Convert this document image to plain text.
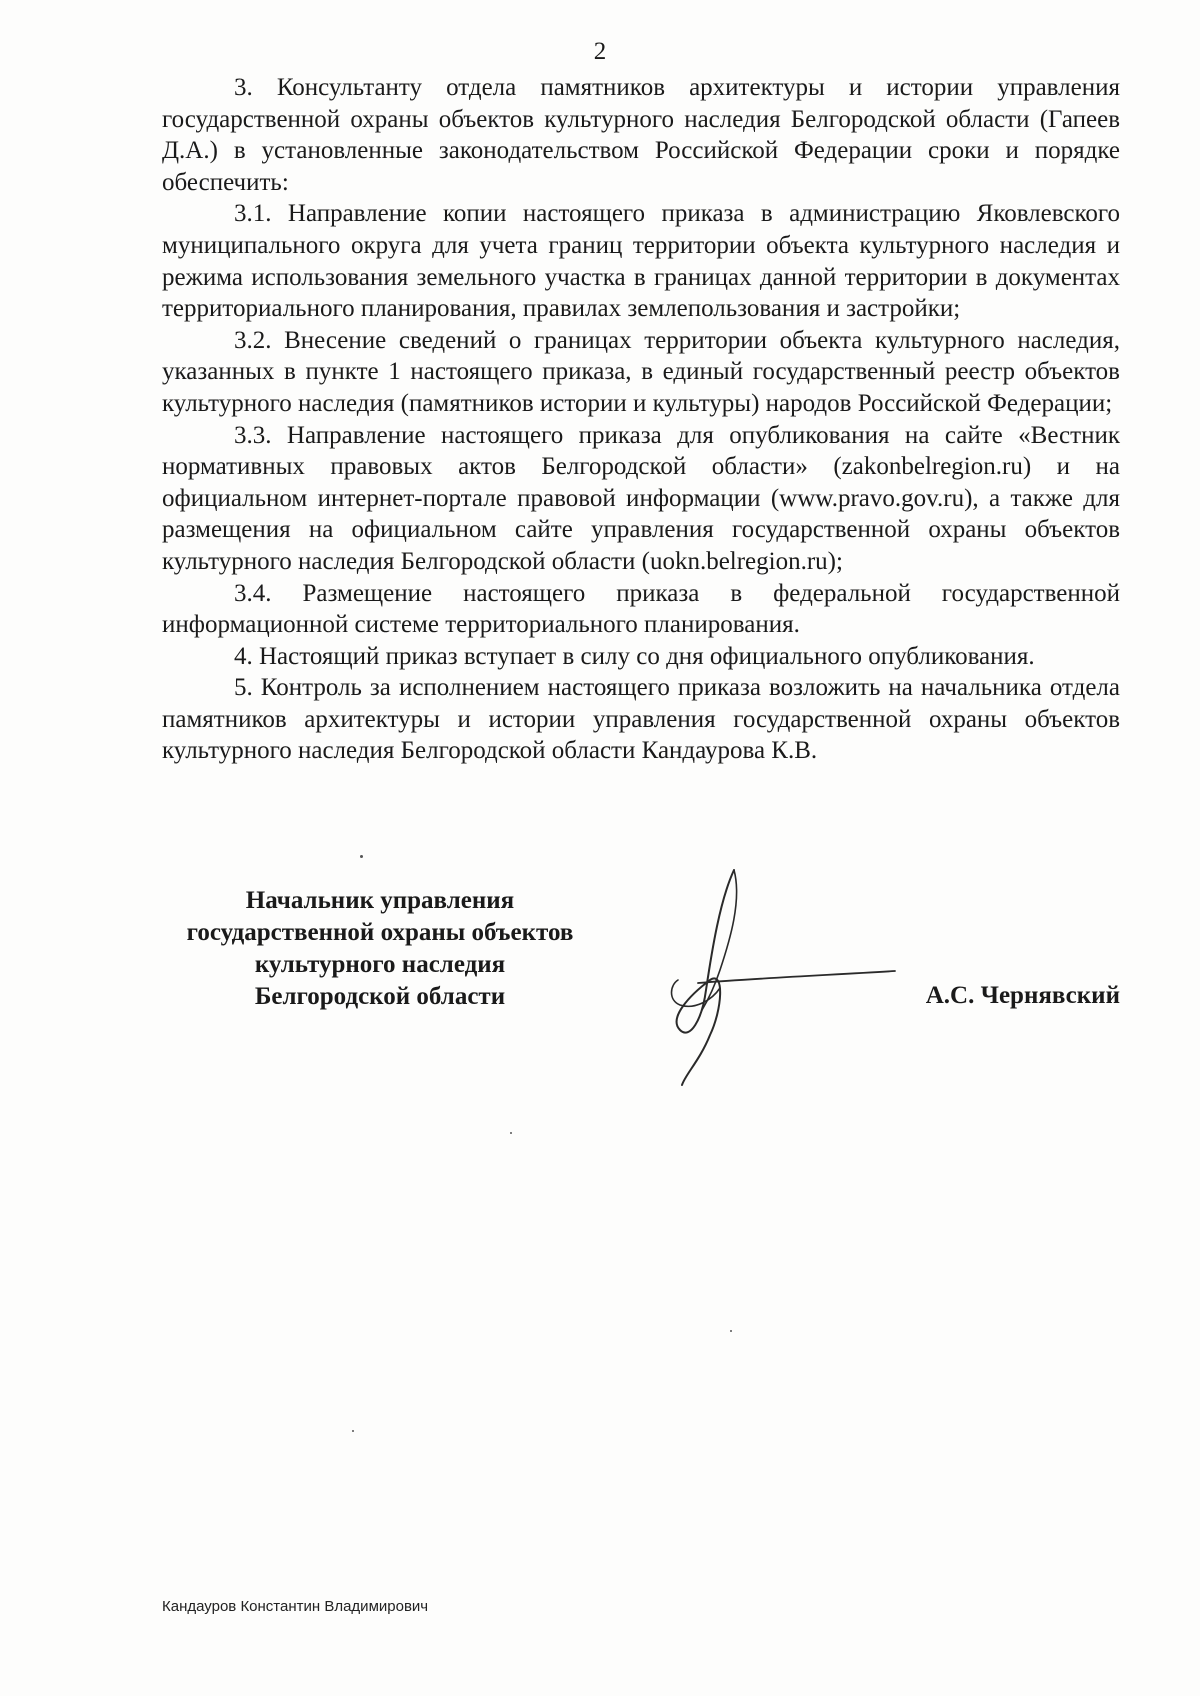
2

3. Консультанту отдела памятников архитектуры и истории управления государственной охраны объектов культурного наследия Белгородской области (Гапеев Д.А.) в установленные законодательством Российской Федерации сроки и порядке обеспечить:

3.1. Направление копии настоящего приказа в администрацию Яковлевского муниципального округа для учета границ территории объекта культурного наследия и режима использования земельного участка в границах данной территории в документах территориального планирования, правилах землепользования и застройки;

3.2. Внесение сведений о границах территории объекта культурного наследия, указанных в пункте 1 настоящего приказа, в единый государственный реестр объектов культурного наследия (памятников истории и культуры) народов Российской Федерации;

3.3. Направление настоящего приказа для опубликования на сайте «Вестник нормативных правовых актов Белгородской области» (zakonbelregion.ru) и на официальном интернет-портале правовой информации (www.pravo.gov.ru), а также для размещения на официальном сайте управления государственной охраны объектов культурного наследия Белгородской области (uokn.belregion.ru);

3.4. Размещение настоящего приказа в федеральной государственной информационной системе территориального планирования.

4. Настоящий приказ вступает в силу со дня официального опубликования.

5. Контроль за исполнением настоящего приказа возложить на начальника отдела памятников архитектуры и истории управления государственной охраны объектов культурного наследия Белгородской области Кандаурова К.В.

Начальник управления
государственной охраны объектов
культурного наследия
Белгородской области	А.С. Чернявский
Кандауров Константин Владимирович
